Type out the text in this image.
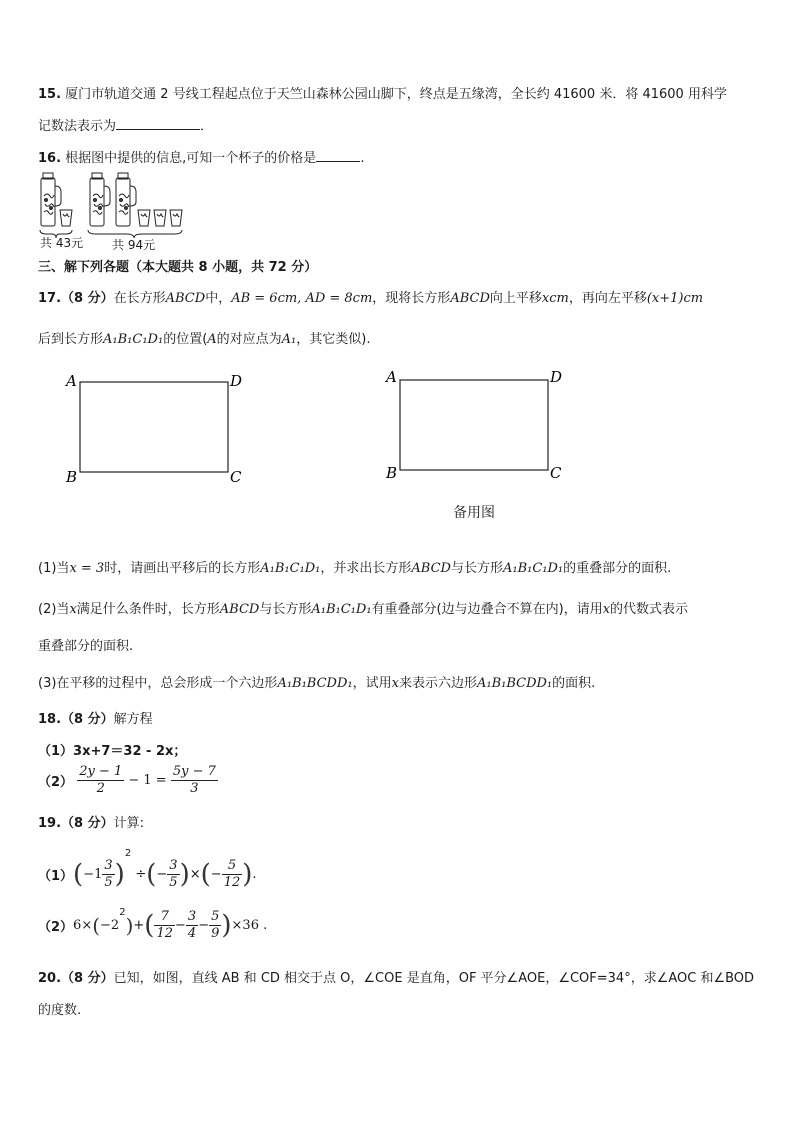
15. 厦门市轨道交通 2 号线工程起点位于天竺山森林公园山脚下，终点是五缘湾，全长约 41600 米．将 41600 用科学
记数法表示为	．
16. 根据图中提供的信息,可知一个杯子的价格是	.
共 43元 共 94元
三、解下列各题（本大题共 8 小题，共 72 分）
17.（8 分）在长方形ABCD中，AB = 6cm, AD = 8cm，现将长方形ABCD向上平移xcm，再向左平移(x+1)cm
后到长方形A₁B₁C₁D₁的位置(A的对应点为A₁，其它类似).
A	D
B	C
A	D
B	C
备用图
(1)当x = 3时，请画出平移后的长方形A₁B₁C₁D₁，并求出长方形ABCD与长方形A₁B₁C₁D₁的重叠部分的面积.
(2)当x满足什么条件时，长方形ABCD与长方形A₁B₁C₁D₁有重叠部分(边与边叠合不算在内)，请用x的代数式表示
重叠部分的面积.
(3)在平移的过程中，总会形成一个六边形A₁B₁BCDD₁，试用x来表示六边形A₁B₁BCDD₁的面积.
18.（8 分）解方程
（1）3x+7＝32 - 2x；
$(2) \frac{2y - 1}{2} - 1 = \frac{5y - 7}{3}$
19.（8 分）计算:
$(1)(-1 \frac{3}{5} )^2$ ÷(− $\frac{3}{5}$ )×(− $\frac{5}{12}$ ).
$(2)6\times(-2^2)+( \frac{7}{12} - \frac{3}{4} - \frac{5}{9} )\times 36$ .
20.（8 分）已知，如图，直线 AB 和 CD 相交于点 O，∠COE 是直角，OF 平分∠AOE，∠COF=34°，求∠AOC 和∠BOD
的度数.
